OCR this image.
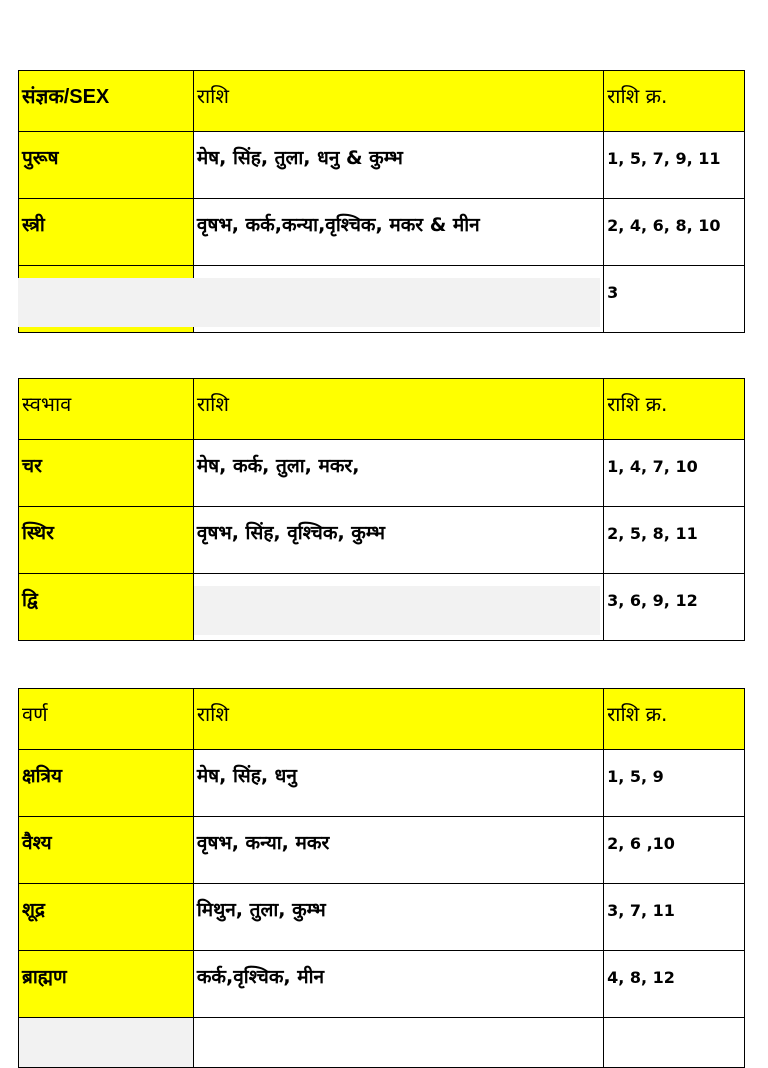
संज्ञक/SEX	राशि	राशि क्र.
पुरूष	मेष, सिंह, तुला, धनु & कुम्भ	1, 5, 7, 9, 11
स्त्री	वृषभ, कर्क,कन्या,वृश्चिक, मकर & मीन	2, 4, 6, 8, 10
		3
स्वभाव	राशि	राशि क्र.
चर	मेष, कर्क, तुला, मकर,	1, 4, 7, 10
स्थिर	वृषभ, सिंह, वृश्चिक, कुम्भ	2, 5, 8, 11
द्वि		3, 6, 9, 12
वर्ण	राशि	राशि क्र.
क्षत्रिय	मेष, सिंह, धनु	1, 5, 9
वैश्य	वृषभ, कन्या, मकर	2, 6 ,10
शूद्र	मिथुन, तुला, कुम्भ	3, 7, 11
ब्राह्मण	कर्क,वृश्चिक, मीन	4, 8, 12
